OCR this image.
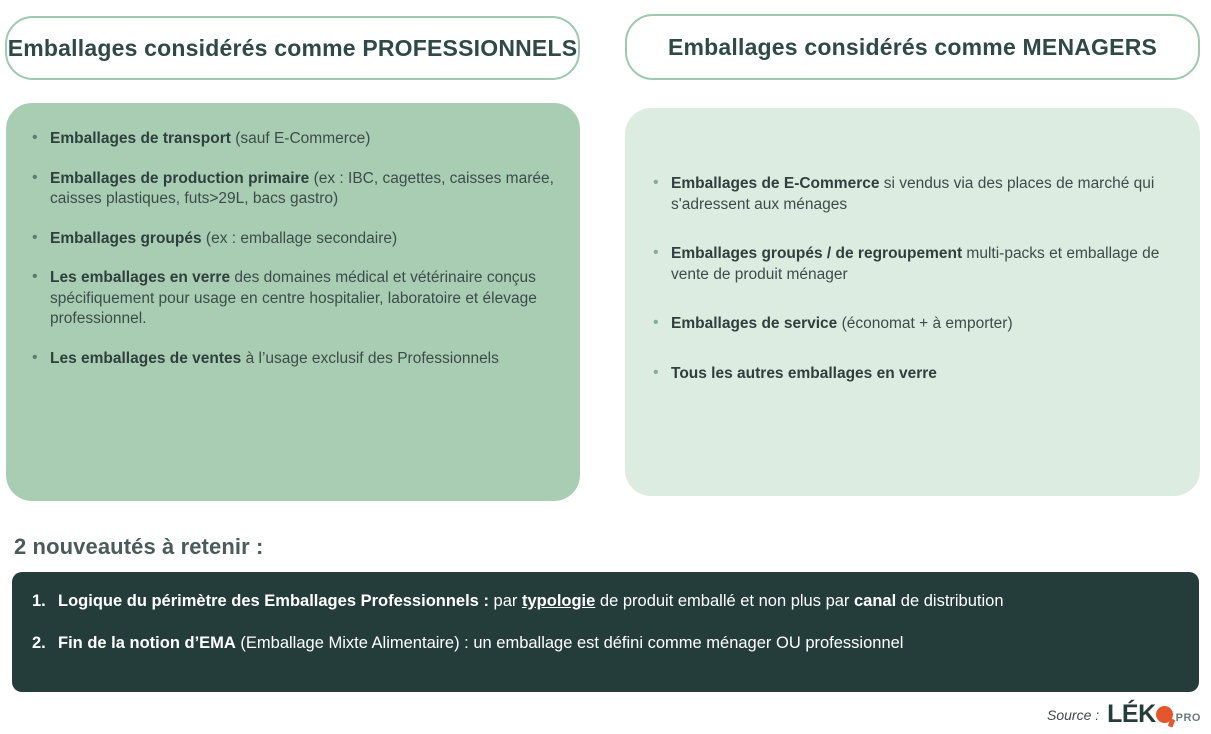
Emballages considérés comme PROFESSIONNELS	Emballages considérés comme MENAGERS
• Emballages de transport (sauf E-Commerce)
• Emballages de production primaire (ex : IBC, cagettes, caisses marée, caisses plastiques, futs>29L, bacs gastro)
• Emballages groupés (ex : emballage secondaire)
• Les emballages en verre des domaines médical et vétérinaire conçus spécifiquement pour usage en centre hospitalier, laboratoire et élevage professionnel.
• Les emballages de ventes à l’usage exclusif des Professionnels
• Emballages de E-Commerce si vendus via des places de marché qui s'adressent aux ménages
• Emballages groupés / de regroupement multi-packs et emballage de vente de produit ménager
• Emballages de service (économat + à emporter)
• Tous les autres emballages en verre
2 nouveautés à retenir :
1. Logique du périmètre des Emballages Professionnels : par typologie de produit emballé et non plus par canal de distribution
2. Fin de la notion d’EMA (Emballage Mixte Alimentaire) : un emballage est défini comme ménager OU professionnel
Source : LÉK	PRO
